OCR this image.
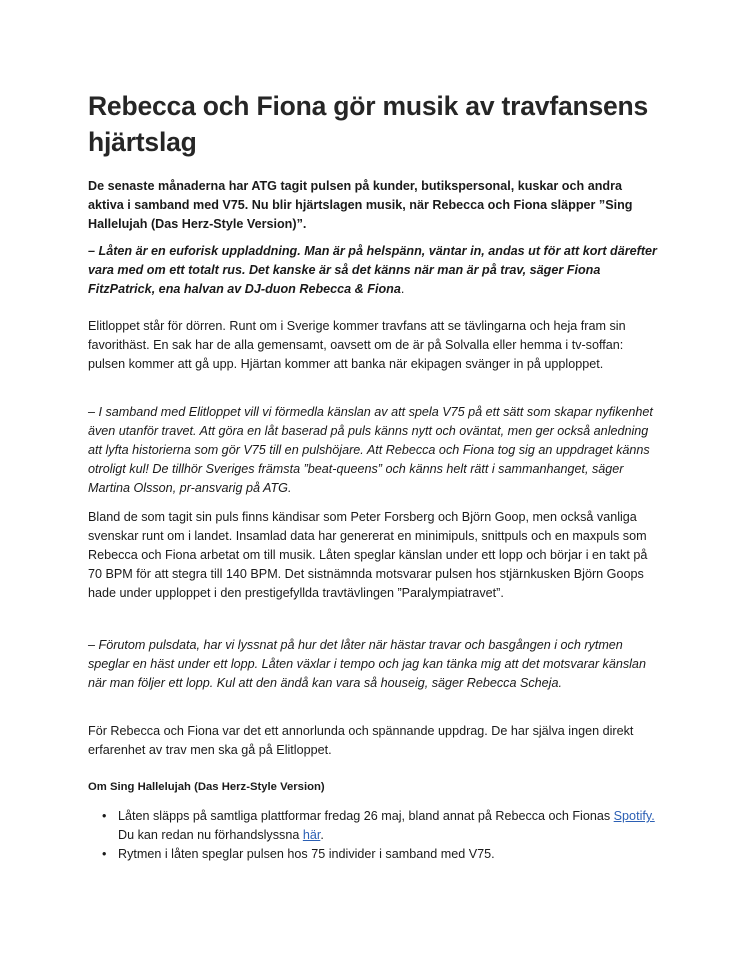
Rebecca och Fiona gör musik av travfansens hjärtslag

De senaste månaderna har ATG tagit pulsen på kunder, butikspersonal, kuskar och andra aktiva i samband med V75. Nu blir hjärtslagen musik, när Rebecca och Fiona släpper ”Sing Hallelujah (Das Herz-Style Version)”.

– Låten är en euforisk uppladdning. Man är på helspänn, väntar in, andas ut för att kort därefter vara med om ett totalt rus. Det kanske är så det känns när man är på trav, säger Fiona FitzPatrick, ena halvan av DJ-duon Rebecca & Fiona.

Elitloppet står för dörren. Runt om i Sverige kommer travfans att se tävlingarna och heja fram sin favorithäst. En sak har de alla gemensamt, oavsett om de är på Solvalla eller hemma i tv-soffan: pulsen kommer att gå upp. Hjärtan kommer att banka när ekipagen svänger in på upploppet.

– I samband med Elitloppet vill vi förmedla känslan av att spela V75 på ett sätt som skapar nyfikenhet även utanför travet. Att göra en låt baserad på puls känns nytt och oväntat, men ger också anledning att lyfta historierna som gör V75 till en pulshöjare. Att Rebecca och Fiona tog sig an uppdraget känns otroligt kul! De tillhör Sveriges främsta ”beat-queens” och känns helt rätt i sammanhanget, säger Martina Olsson, pr-ansvarig på ATG.

Bland de som tagit sin puls finns kändisar som Peter Forsberg och Björn Goop, men också vanliga svenskar runt om i landet. Insamlad data har genererat en minimipuls, snittpuls och en maxpuls som Rebecca och Fiona arbetat om till musik. Låten speglar känslan under ett lopp och börjar i en takt på 70 BPM för att stegra till 140 BPM. Det sistnämnda motsvarar pulsen hos stjärnkusken Björn Goops hade under upploppet i den prestigefyllda travtävlingen ”Paralympiatravet”.

– Förutom pulsdata, har vi lyssnat på hur det låter när hästar travar och basgången i och rytmen speglar en häst under ett lopp. Låten växlar i tempo och jag kan tänka mig att det motsvarar känslan när man följer ett lopp. Kul att den ändå kan vara så houseig, säger Rebecca Scheja.

För Rebecca och Fiona var det ett annorlunda och spännande uppdrag. De har själva ingen direkt erfarenhet av trav men ska gå på Elitloppet.

Om Sing Hallelujah (Das Herz-Style Version)

• Låten släpps på samtliga plattformar fredag 26 maj, bland annat på Rebecca och Fionas Spotify. Du kan redan nu förhandslyssna här.
• Rytmen i låten speglar pulsen hos 75 individer i samband med V75.
